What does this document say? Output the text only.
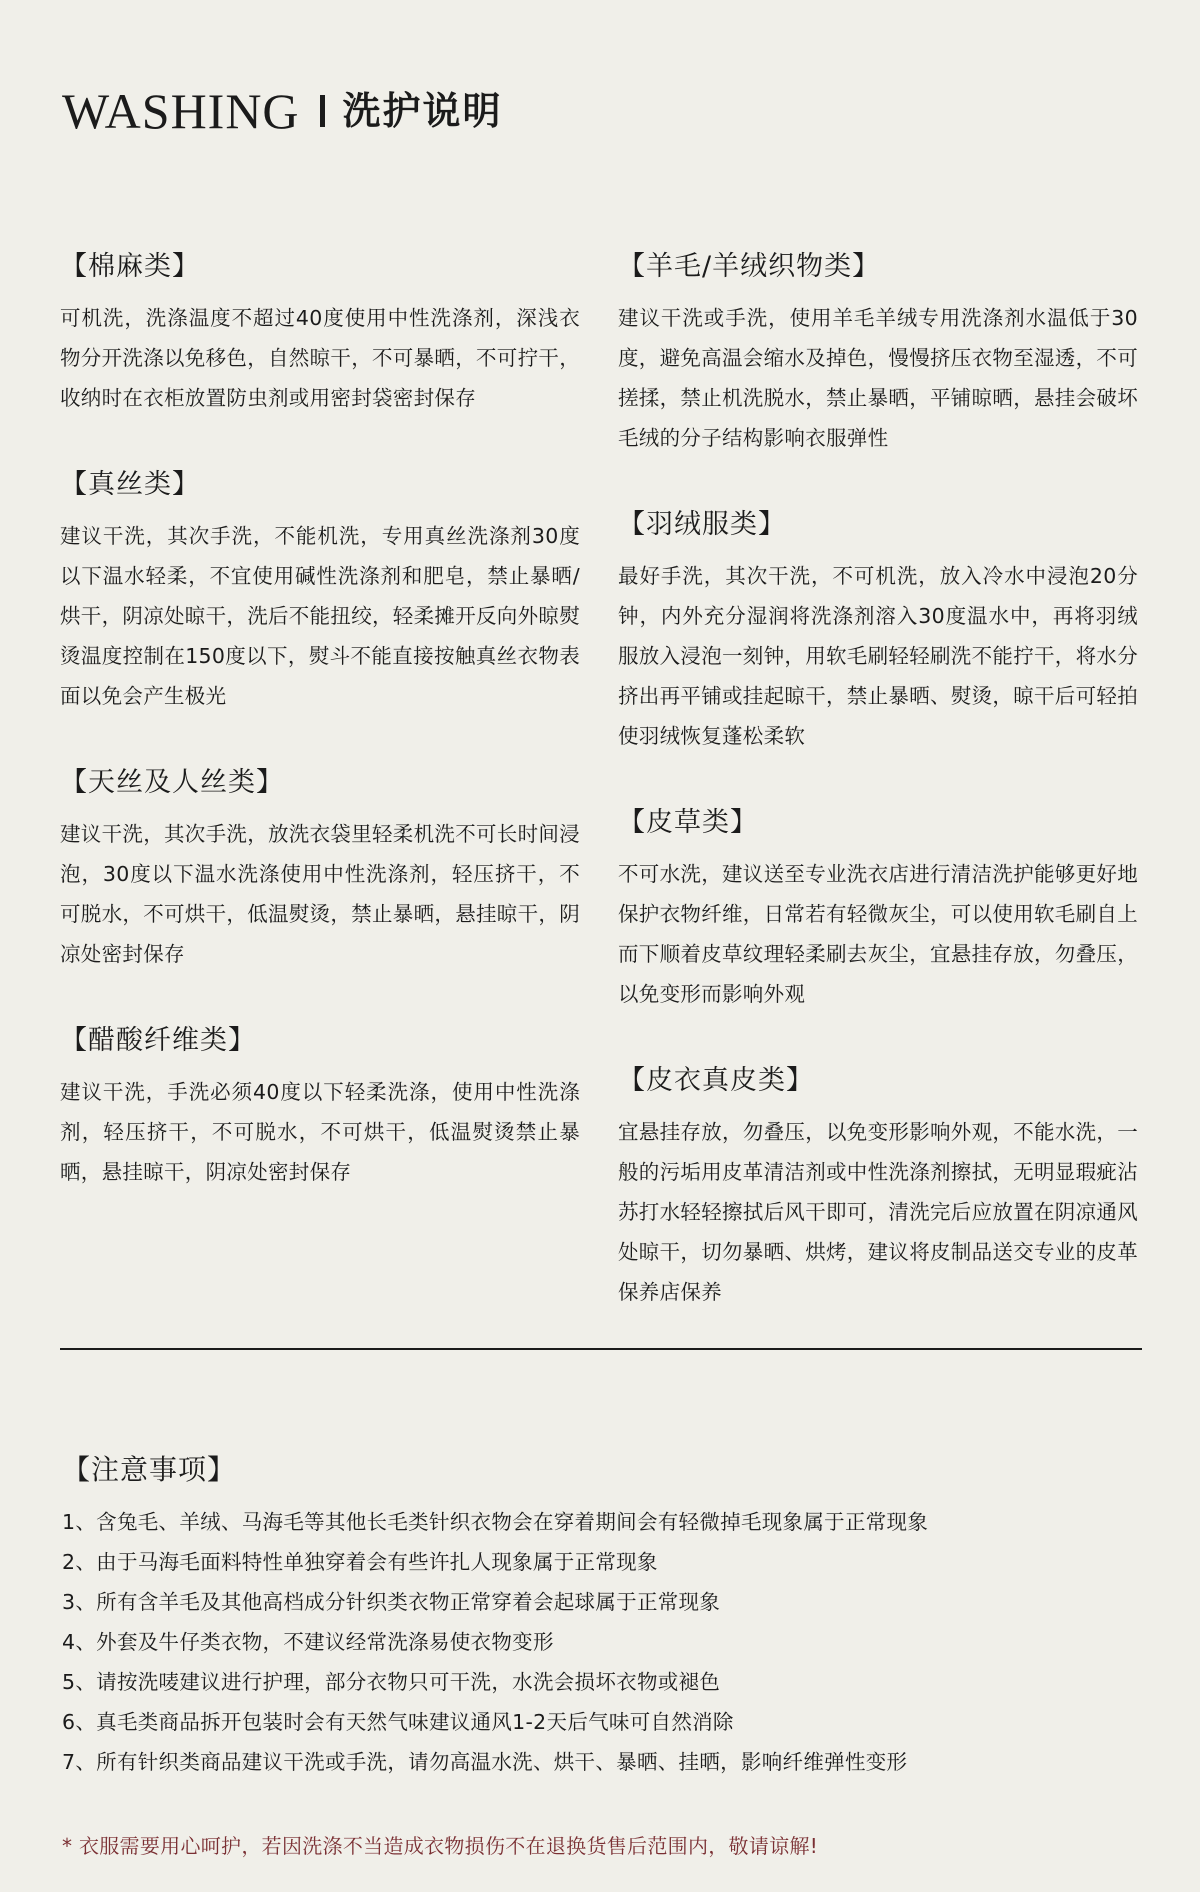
WASHING 洗护说明
【棉麻类】

可机洗，洗涤温度不超过40度使用中性洗涤剂，深浅衣物分开洗涤以免移色，自然晾干，不可暴晒，不可拧干，收纳时在衣柜放置防虫剂或用密封袋密封保存

【真丝类】

建议干洗，其次手洗，不能机洗，专用真丝洗涤剂30度以下温水轻柔，不宜使用碱性洗涤剂和肥皂，禁止暴晒/烘干，阴凉处晾干，洗后不能扭绞，轻柔摊开反向外晾熨烫温度控制在150度以下，熨斗不能直接按触真丝衣物表面以免会产生极光

【天丝及人丝类】

建议干洗，其次手洗，放洗衣袋里轻柔机洗不可长时间浸泡，30度以下温水洗涤使用中性洗涤剂，轻压挤干，不可脱水，不可烘干，低温熨烫，禁止暴晒，悬挂晾干，阴凉处密封保存

【醋酸纤维类】

建议干洗，手洗必须40度以下轻柔洗涤，使用中性洗涤剂，轻压挤干，不可脱水，不可烘干，低温熨烫禁止暴晒，悬挂晾干，阴凉处密封保存

【羊毛/羊绒织物类】

建议干洗或手洗，使用羊毛羊绒专用洗涤剂水温低于30度，避免高温会缩水及掉色，慢慢挤压衣物至湿透，不可搓揉，禁止机洗脱水，禁止暴晒，平铺晾晒，悬挂会破坏毛绒的分子结构影响衣服弹性

【羽绒服类】

最好手洗，其次干洗，不可机洗，放入冷水中浸泡20分钟，内外充分湿润将洗涤剂溶入30度温水中，再将羽绒服放入浸泡一刻钟，用软毛刷轻轻刷洗不能拧干，将水分挤出再平铺或挂起晾干，禁止暴晒、熨烫，晾干后可轻拍使羽绒恢复蓬松柔软

【皮草类】

不可水洗，建议送至专业洗衣店进行清洁洗护能够更好地保护衣物纤维，日常若有轻微灰尘，可以使用软毛刷自上而下顺着皮草纹理轻柔刷去灰尘，宜悬挂存放，勿叠压，以免变形而影响外观

【皮衣真皮类】

宜悬挂存放，勿叠压，以免变形影响外观，不能水洗，一般的污垢用皮革清洁剂或中性洗涤剂擦拭，无明显瑕疵沾苏打水轻轻擦拭后风干即可，清洗完后应放置在阴凉通风处晾干，切勿暴晒、烘烤，建议将皮制品送交专业的皮革保养店保养

【注意事项】
1、含兔毛、羊绒、马海毛等其他长毛类针织衣物会在穿着期间会有轻微掉毛现象属于正常现象
2、由于马海毛面料特性单独穿着会有些许扎人现象属于正常现象
3、所有含羊毛及其他高档成分针织类衣物正常穿着会起球属于正常现象
4、外套及牛仔类衣物，不建议经常洗涤易使衣物变形
5、请按洗唛建议进行护理，部分衣物只可干洗，水洗会损坏衣物或褪色
6、真毛类商品拆开包装时会有天然气味建议通风1-2天后气味可自然消除
7、所有针织类商品建议干洗或手洗，请勿高温水洗、烘干、暴晒、挂晒，影响纤维弹性变形
* 衣服需要用心呵护，若因洗涤不当造成衣物损伤不在退换货售后范围内，敬请谅解!
